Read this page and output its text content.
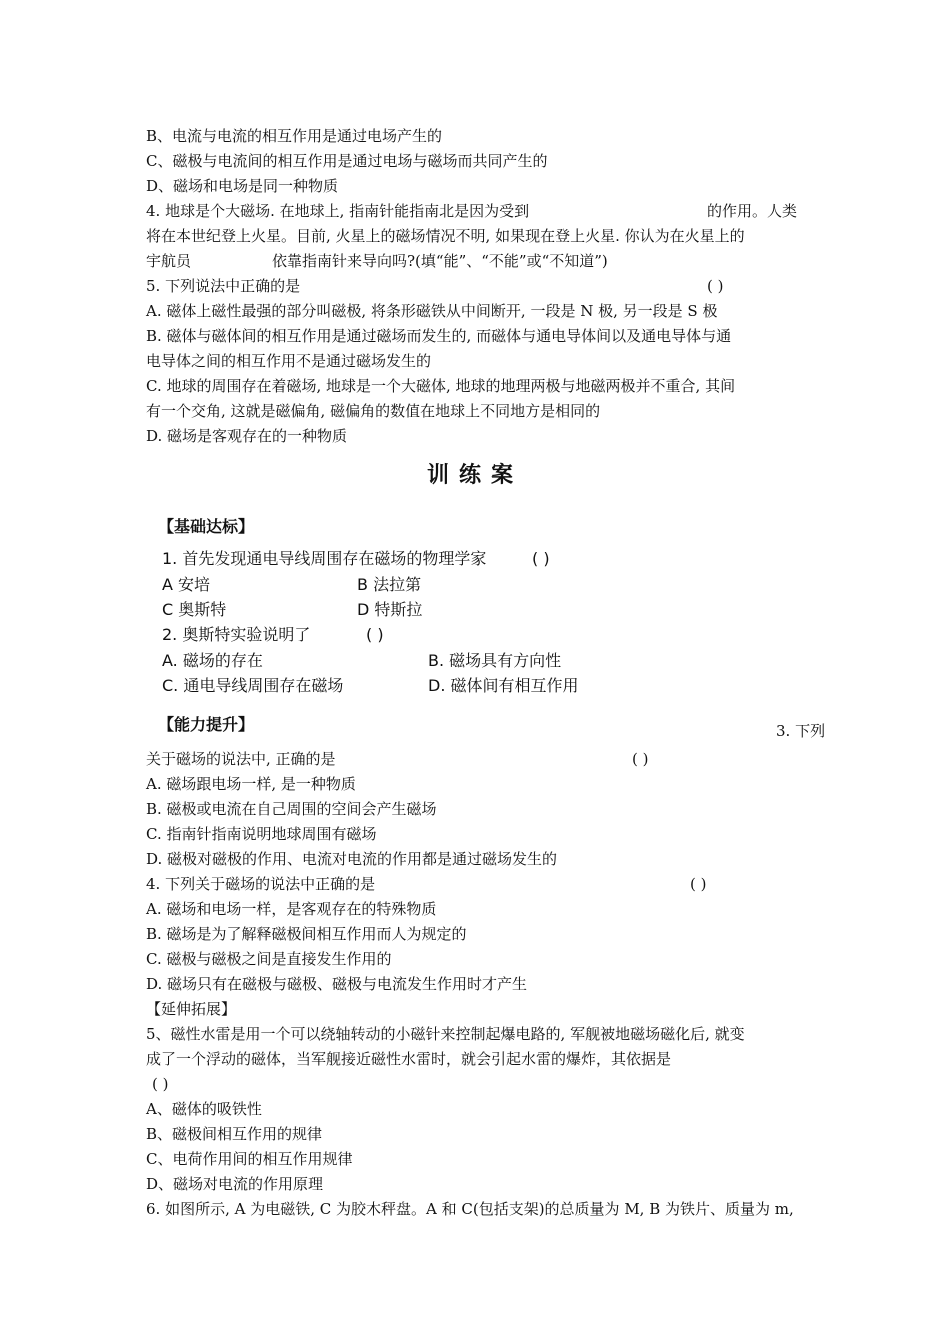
B、电流与电流的相互作用是通过电场产生的
C、磁极与电流间的相互作用是通过电场与磁场而共同产生的
D、磁场和电场是同一种物质
4. 地球是个大磁场. 在地球上, 指南针能指南北是因为受到	的作用。人类
将在本世纪登上火星。目前, 火星上的磁场情况不明, 如果现在登上火星. 你认为在火星上的
宇航员	依靠指南针来导向吗?(填“能”、“不能”或“不知道”)
5. 下列说法中正确的是	( )
A. 磁体上磁性最强的部分叫磁极, 将条形磁铁从中间断开, 一段是 N 极, 另一段是 S 极
B. 磁体与磁体间的相互作用是通过磁场而发生的, 而磁体与通电导体间以及通电导体与通
电导体之间的相互作用不是通过磁场发生的
C. 地球的周围存在着磁场, 地球是一个大磁体, 地球的地理两极与地磁两极并不重合, 其间
有一个交角, 这就是磁偏角, 磁偏角的数值在地球上不同地方是相同的
D. 磁场是客观存在的一种物质
训练案
【基础达标】
1. 首先发现通电导线周围存在磁场的物理学家	( )
A 安培	B 法拉第
C 奥斯特	D 特斯拉
2. 奥斯特实验说明了	( )
A. 磁场的存在	B. 磁场具有方向性
C. 通电导线周围存在磁场	D. 磁体间有相互作用
【能力提升】	3. 下列
关于磁场的说法中, 正确的是	( )
A. 磁场跟电场一样, 是一种物质
B. 磁极或电流在自己周围的空间会产生磁场
C. 指南针指南说明地球周围有磁场
D. 磁极对磁极的作用、电流对电流的作用都是通过磁场发生的
4. 下列关于磁场的说法中正确的是	( )
A. 磁场和电场一样，是客观存在的特殊物质
B. 磁场是为了解释磁极间相互作用而人为规定的
C. 磁极与磁极之间是直接发生作用的
D. 磁场只有在磁极与磁极、磁极与电流发生作用时才产生
【延伸拓展】
5、磁性水雷是用一个可以绕轴转动的小磁针来控制起爆电路的, 军舰被地磁场磁化后, 就变
成了一个浮动的磁体，当军舰接近磁性水雷时，就会引起水雷的爆炸，其依据是
( )
A、磁体的吸铁性
B、磁极间相互作用的规律
C、电荷作用间的相互作用规律
D、磁场对电流的作用原理
6. 如图所示, A 为电磁铁, C 为胶木秤盘。A 和 C(包括支架)的总质量为 M, B 为铁片、质量为 m,
